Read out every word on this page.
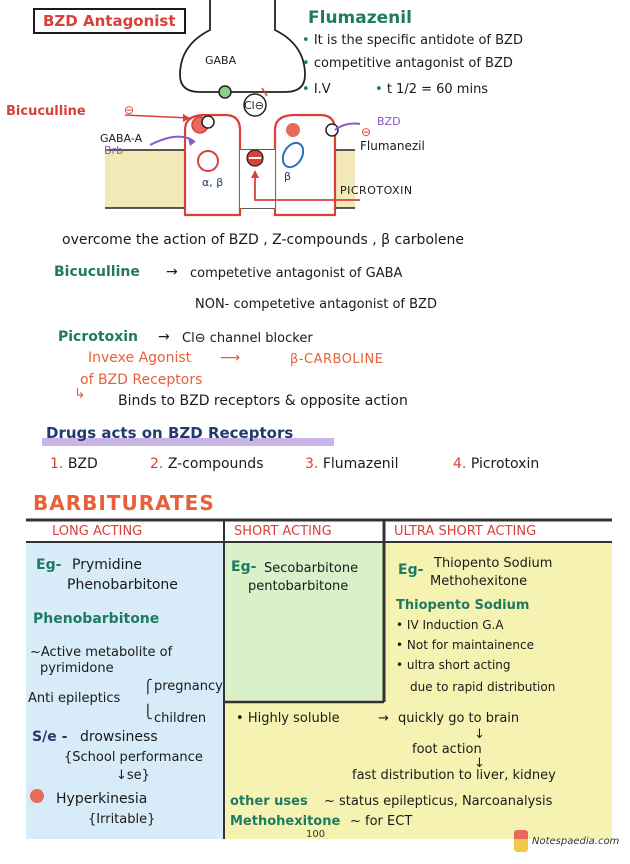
BZD Antagonist
GABA
Bicuculline	⊖
GABA-A
Brb
α, β
Cl⊖
BZD
⊖
β
Flumanezil
PICROTOXIN
Flumazenil
• It is the specific antidote of BZD
• competitive antagonist of BZD
• I.V	• t 1/2 = 60 mins
overcome the action of BZD , Z-compounds , β carbolene
Bicuculline → competetive antagonist of GABA
NON- competetive antagonist of BZD
Picrotoxin → Cl⊖ channel blocker
Invexe Agonist ⟶	β-CARBOLINE
of BZD Receptors
↳ Binds to BZD receptors & opposite action
Drugs acts on BZD Receptors
1. BZD	2. Z-compounds	3. Flumazenil	4. Picrotoxin
BARBITURATES
LONG ACTING	SHORT ACTING	ULTRA SHORT ACTING
Eg- Prymidine
Phenobarbitone
Phenobarbitone
~Active metabolite of
pyrimidone
Anti epileptics
⎧
⎩
pregnancy
children
S/e - drowsiness
{School performance
↓se}
Hyperkinesia
{Irritable}
Eg- Secobarbitone
pentobarbitone
Eg- Thiopento Sodium
Methohexitone
Thiopento Sodium
• IV Induction G.A
• Not for maintainence
• ultra short acting
due to rapid distribution
• Highly soluble	→ quickly go to brain
↓
foot action
↓
fast distribution to liver, kidney
other uses ~ status epilepticus, Narcoanalysis
Methohexitone ~ for ECT
100
Notespaedia.com
